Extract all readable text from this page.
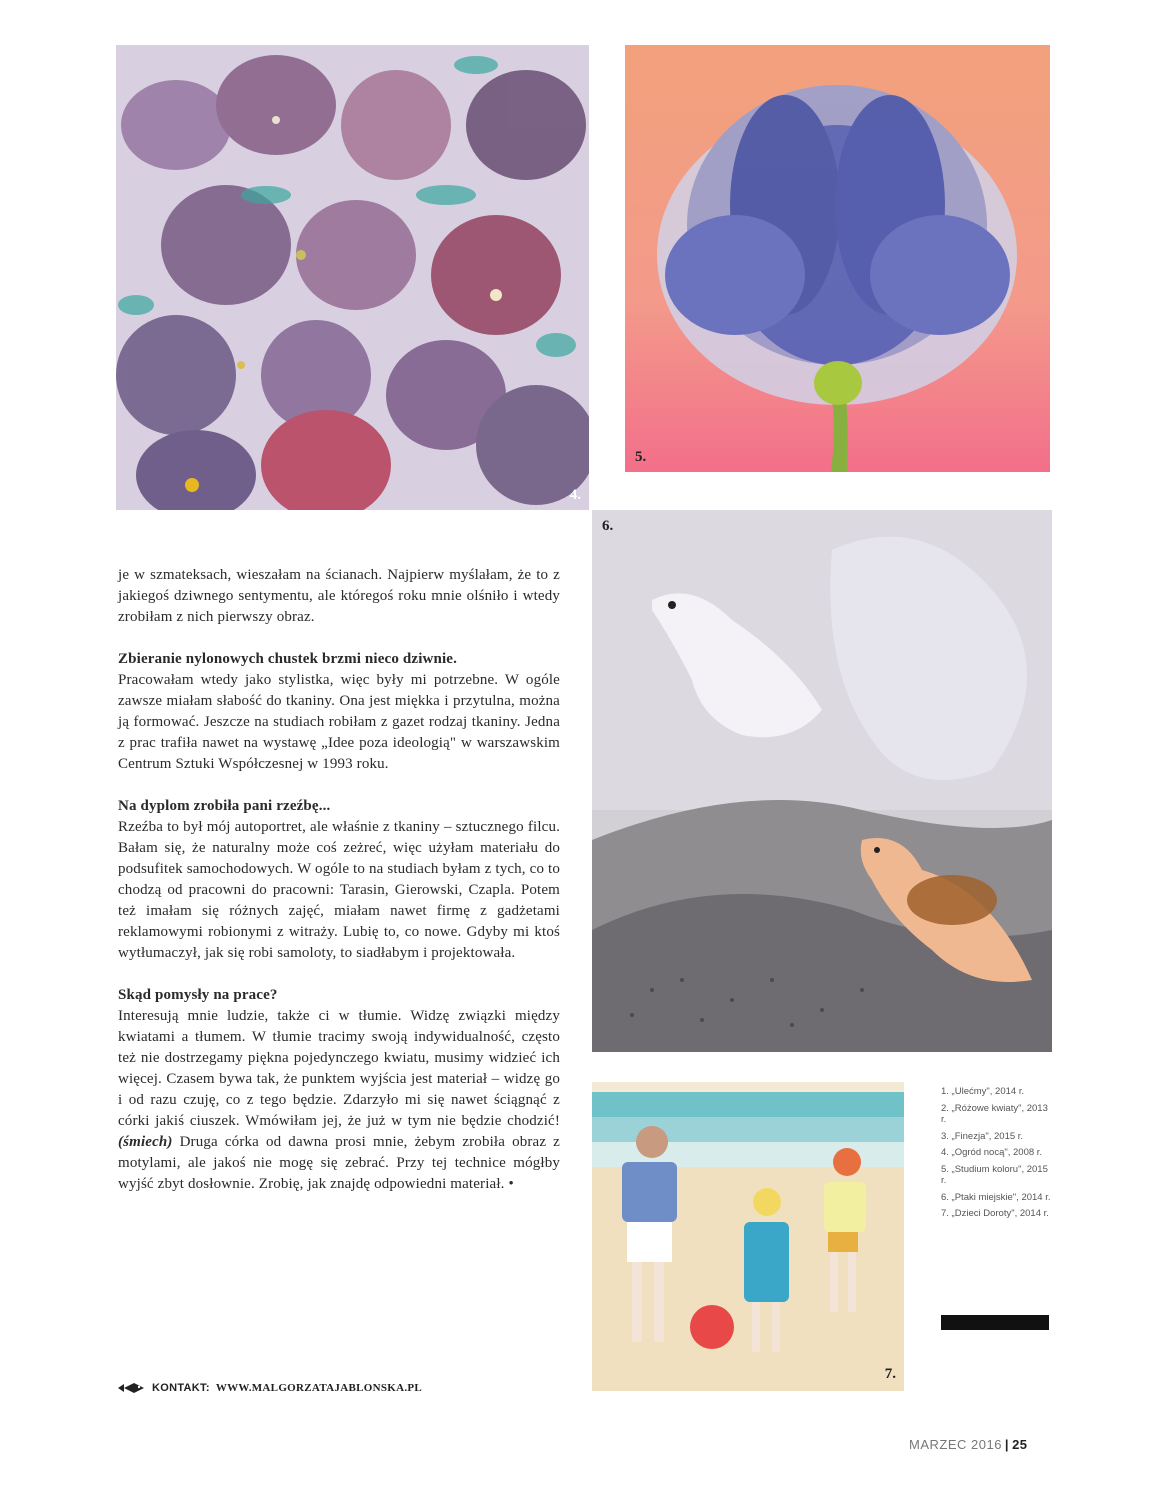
4.
5.
6.
7.

je w szmateksach, wieszałam na ścianach. Najpierw myślałam, że to z jakiegoś dziwnego sentymentu, ale któregoś roku mnie olśniło i wtedy zrobiłam z nich pierwszy obraz.

Zbieranie nylonowych chustek brzmi nieco dziwnie.
Pracowałam wtedy jako stylistka, więc były mi potrzebne. W ogóle zawsze miałam słabość do tkaniny. Ona jest miękka i przytulna, można ją formować. Jeszcze na studiach robiłam z gazet rodzaj tkaniny. Jedna z prac trafiła nawet na wystawę „Idee poza ideologią" w warszawskim Centrum Sztuki Współczesnej w 1993 roku.

Na dyplom zrobiła pani rzeźbę...
Rzeźba to był mój autoportret, ale właśnie z tkaniny – sztucznego filcu. Bałam się, że naturalny może coś zeżreć, więc użyłam materiału do podsufitek samochodowych. W ogóle to na studiach byłam z tych, co to chodzą od pracowni do pracowni: Tarasin, Gierowski, Czapla. Potem też imałam się różnych zajęć, miałam nawet firmę z gadżetami reklamowymi robionymi z witraży. Lubię to, co nowe. Gdyby mi ktoś wytłumaczył, jak się robi samoloty, to siadłabym i projektowała.

Skąd pomysły na prace?
Interesują mnie ludzie, także ci w tłumie. Widzę związki między kwiatami a tłumem. W tłumie tracimy swoją indywidualność, często też nie dostrzegamy piękna pojedynczego kwiatu, musimy widzieć ich więcej. Czasem bywa tak, że punktem wyjścia jest materiał – widzę go i od razu czuję, co z tego będzie. Zdarzyło mi się nawet ściągnąć z córki jakiś ciuszek. Wmówiłam jej, że już w tym nie będzie chodzić! (śmiech) Druga córka od dawna prosi mnie, żebym zrobiła obraz z motylami, ale jakoś nie mogę się zebrać. Przy tej technice mógłby wyjść zbyt dosłownie. Zrobię, jak znajdę odpowiedni materiał. •

1. „Ulećmy", 2014 r.
2. „Różowe kwiaty", 2013 r.
3. „Finezja", 2015 r.
4. „Ogród nocą", 2008 r.
5. „Studium koloru", 2015 r.
6. „Ptaki miejskie", 2014 r.
7. „Dzieci Doroty", 2014 r.
KONTAKT: WWW.MALGORZATAJABLONSKA.PL
MARZEC 2016 | 25
